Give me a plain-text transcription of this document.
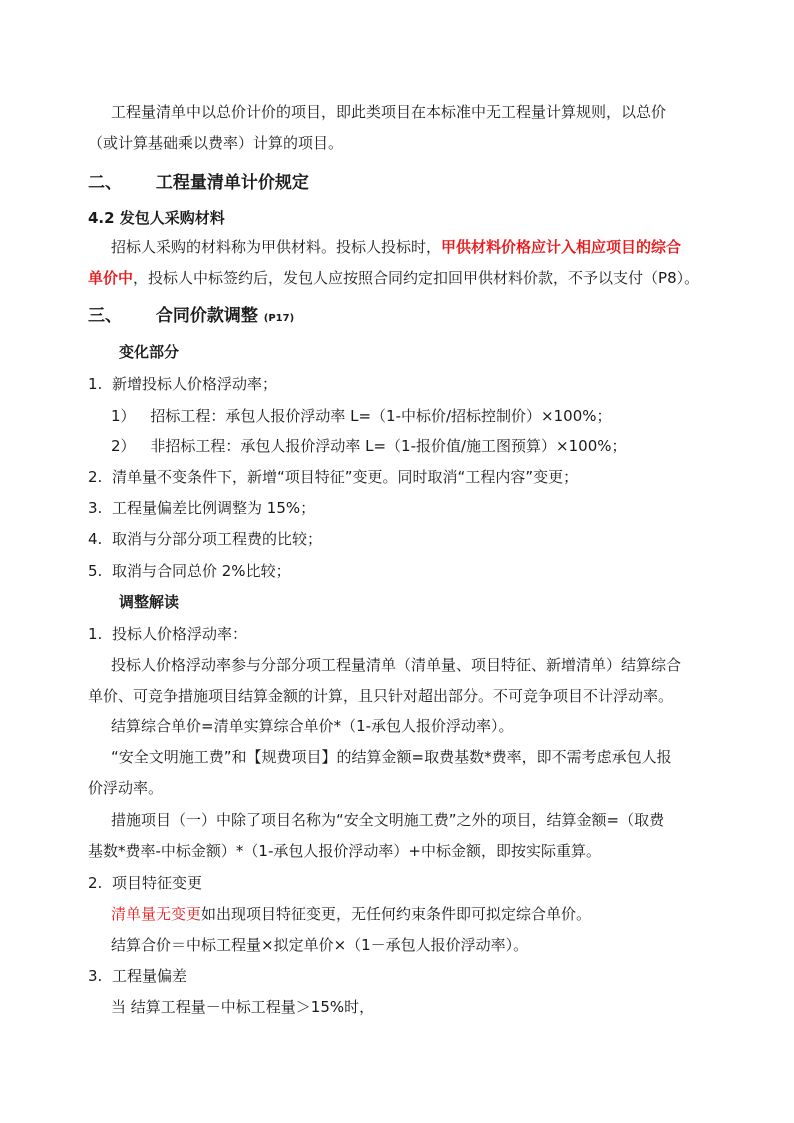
工程量清单中以总价计价的项目，即此类项目在本标准中无工程量计算规则，以总价
（或计算基础乘以费率）计算的项目。
二、 工程量清单计价规定
4.2 发包人采购材料
招标人采购的材料称为甲供材料。投标人投标时，甲供材料价格应计入相应项目的综合
单价中，投标人中标签约后，发包人应按照合同约定扣回甲供材料价款，不予以支付（P8）。
三、 合同价款调整 (P17)
变化部分
1. 新增投标人价格浮动率；
1） 招标工程：承包人报价浮动率 L=（1-中标价/招标控制价）×100%；
2） 非招标工程：承包人报价浮动率 L=（1-报价值/施工图预算）×100%；
2. 清单量不变条件下，新增“项目特征”变更。同时取消“工程内容”变更；
3. 工程量偏差比例调整为 15%；
4. 取消与分部分项工程费的比较；
5. 取消与合同总价 2%比较；
调整解读
1. 投标人价格浮动率：
投标人价格浮动率参与分部分项工程量清单（清单量、项目特征、新增清单）结算综合
单价、可竞争措施项目结算金额的计算，且只针对超出部分。不可竞争项目不计浮动率。
结算综合单价=清单实算综合单价*（1-承包人报价浮动率）。
“安全文明施工费”和【规费项目】的结算金额=取费基数*费率，即不需考虑承包人报
价浮动率。
措施项目（一）中除了项目名称为“安全文明施工费”之外的项目，结算金额=（取费
基数*费率-中标金额）*（1-承包人报价浮动率）+中标金额，即按实际重算。
2. 项目特征变更
清单量无变更如出现项目特征变更，无任何约束条件即可拟定综合单价。
结算合价＝中标工程量×拟定单价×（1－承包人报价浮动率）。
3. 工程量偏差
当 结算工程量－中标工程量＞15%时，
